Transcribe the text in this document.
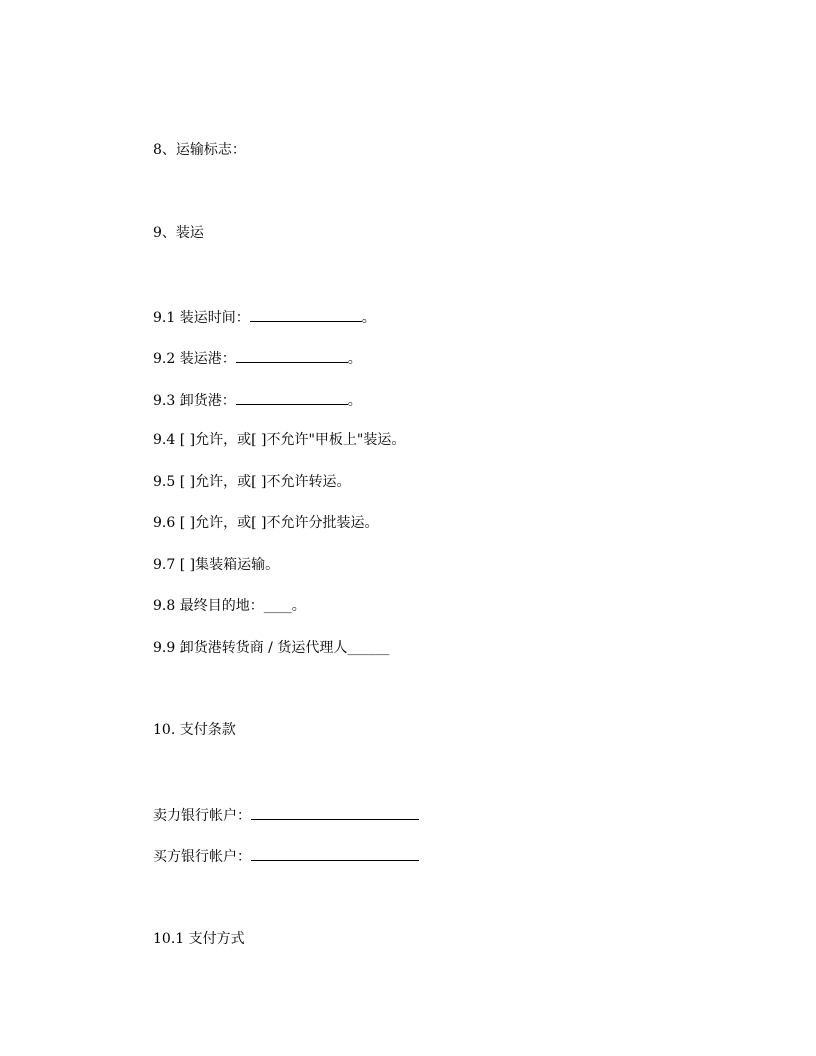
8、运输标志：
9、装运
9.1 装运时间：	。
9.2 装运港：	。
9.3 卸货港：	。
9.4 [ ]允许，或[ ]不允许"甲板上"装运。
9.5 [ ]允许，或[ ]不允许转运。
9.6 [ ]允许，或[ ]不允许分批装运。
9.7 [ ]集装箱运输。
9.8 最终目的地：____。
9.9 卸货港转货商 / 货运代理人______
10. 支付条款
卖力银行帐户：
买方银行帐户：
10.1 支付方式
